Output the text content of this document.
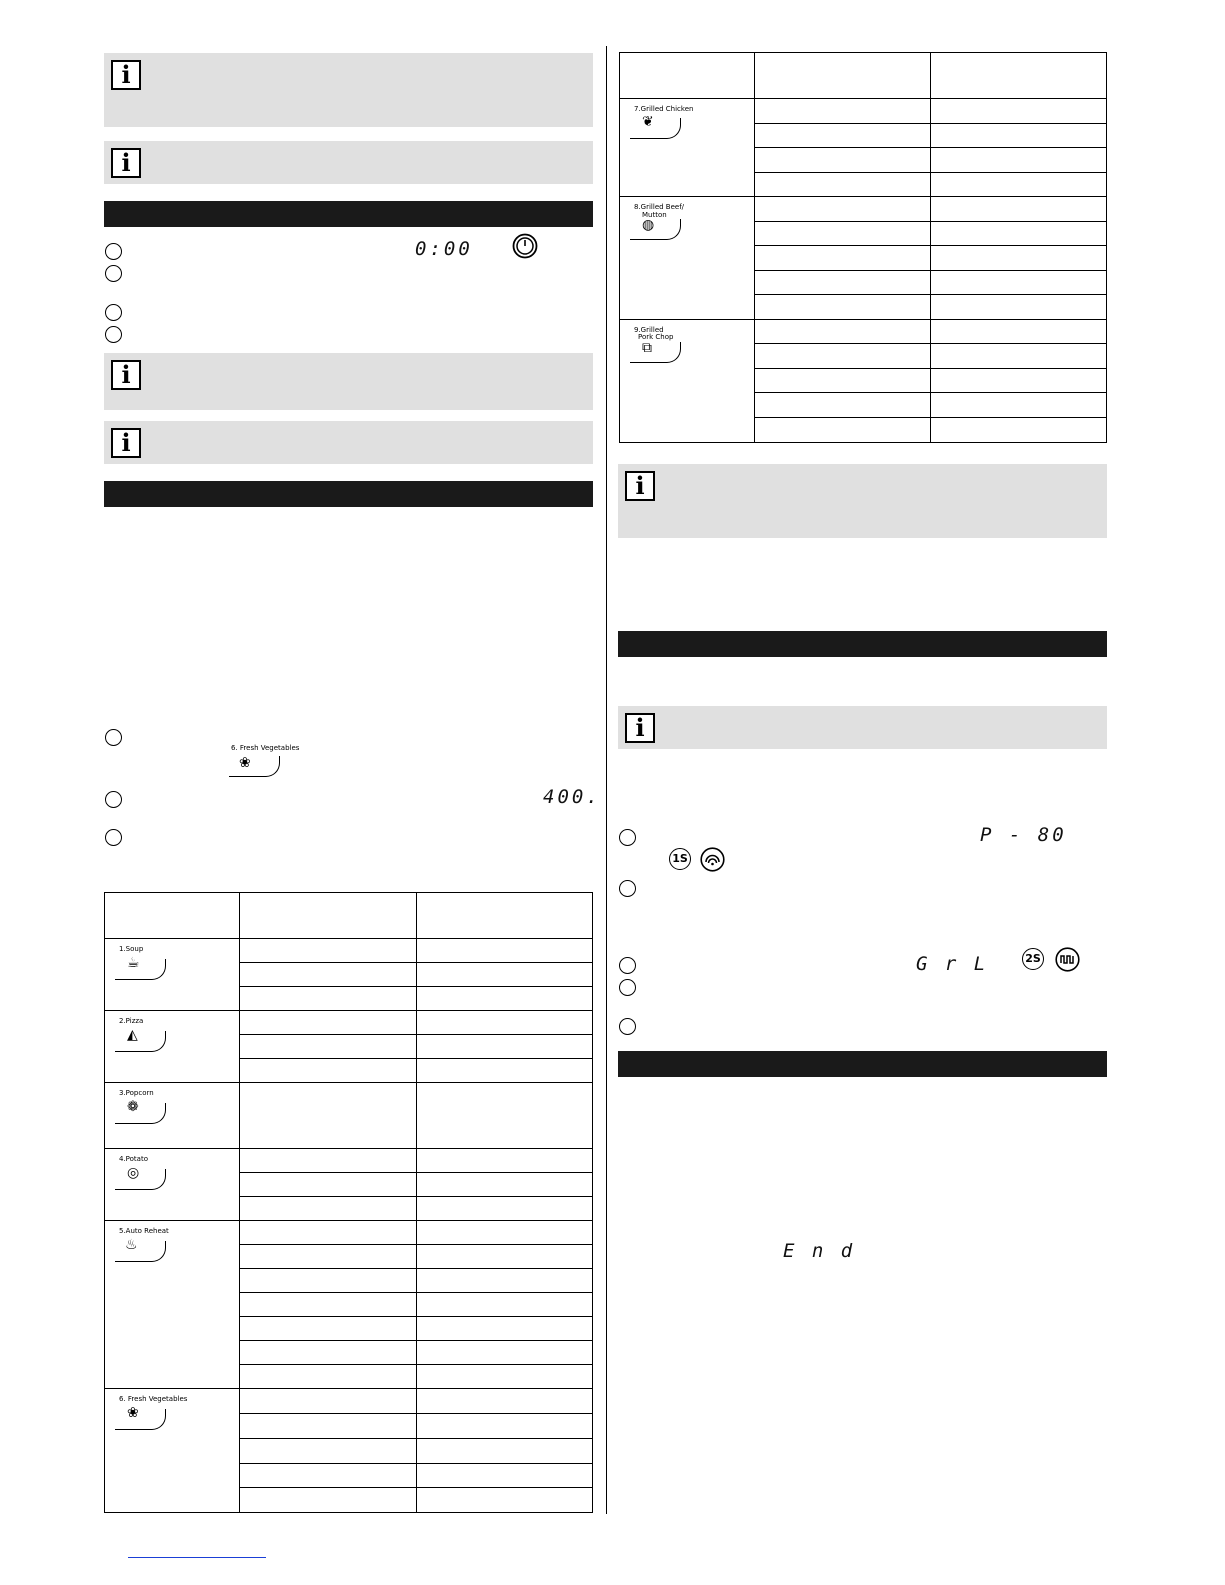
i
i
0:00
i
i
6. Fresh Vegetables
❀
400.

1.Soup
☕		

2.Pizza
◭		

3.Popcorn
❁		

4.Potato
◎		

5.Auto Reheat
♨		

6. Fresh Vegetables
❀		

7.Grilled Chicken
❦		

8.Grilled Beef/
Mutton
◍		

9.Grilled
Pork Chop
⧉		

i
i
P - 80
1S
G r L	2S
E n d
